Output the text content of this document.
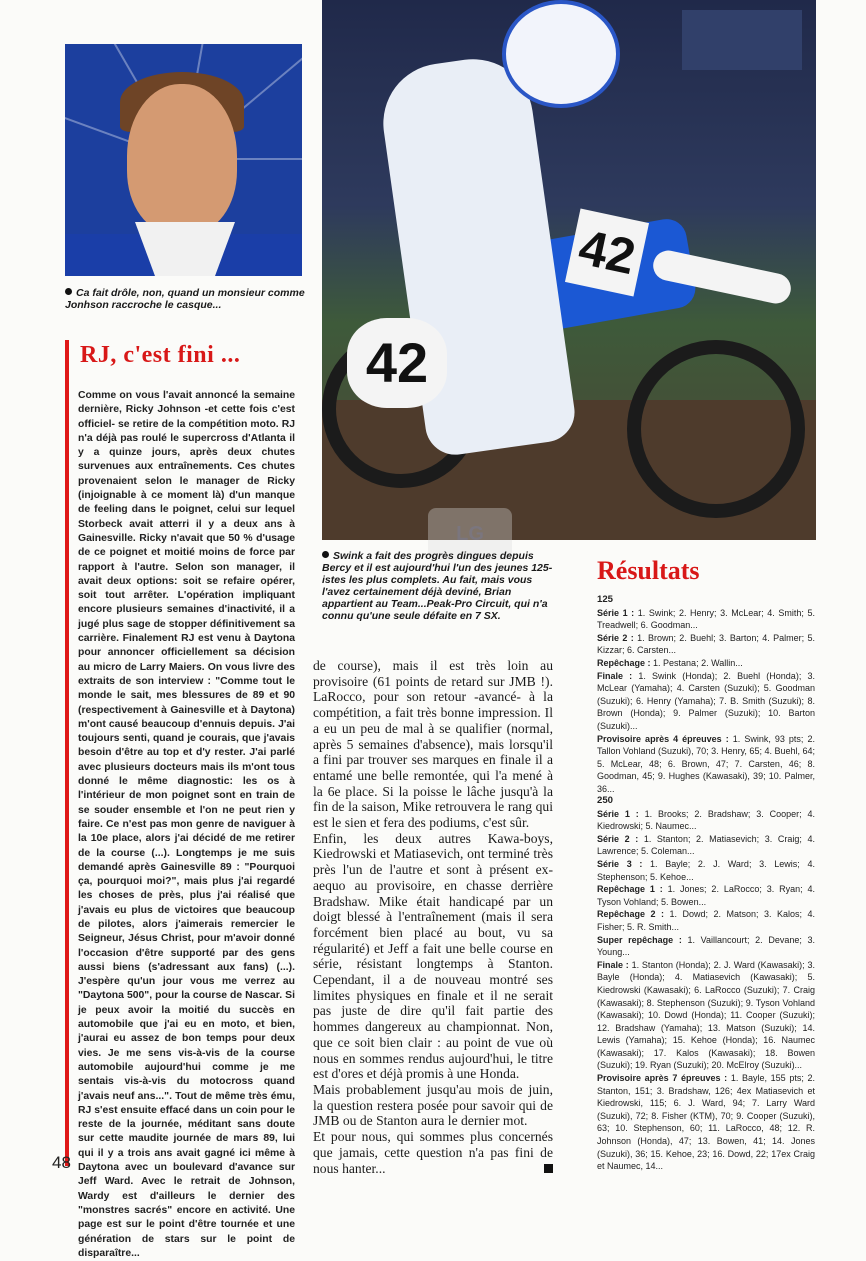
42
42
LG
Ca fait drôle, non, quand un monsieur comme Jonhson raccroche le casque...
Swink a fait des progrès dingues depuis Bercy et il est aujourd'hui l'un des jeunes 125-istes les plus complets. Au fait, mais vous l'avez certainement déjà deviné, Brian appartient au Team...Peak-Pro Circuit, qui n'a connu qu'une seule défaite en 7 SX.
RJ, c'est fini ...
Comme on vous l'avait annoncé la semaine dernière, Ricky Johnson -et cette fois c'est officiel- se retire de la compétition moto. RJ n'a déjà pas roulé le supercross d'Atlanta il y a quinze jours, après deux chutes survenues aux entraînements. Ces chutes provenaient selon le manager de Ricky (injoignable à ce moment là) d'un manque de feeling dans le poignet, celui sur lequel Storbeck avait atterri il y a deux ans à Gainesville. Ricky n'avait que 50 % d'usage de ce poignet et moitié moins de force par rapport à l'autre. Selon son manager, il avait deux options: soit se refaire opérer, soit tout arrêter. L'opération impliquant encore plusieurs semaines d'inactivité, il a jugé plus sage de stopper définitivement sa carrière. Finalement RJ est venu à Daytona pour annoncer officiellement sa décision au micro de Larry Maiers. On vous livre des extraits de son interview : "Comme tout le monde le sait, mes blessures de 89 et 90 (respectivement à Gainesville et à Daytona) m'ont causé beaucoup d'ennuis depuis. J'ai toujours senti, quand je courais, que j'avais besoin d'être au top et d'y rester. J'ai parlé avec plusieurs docteurs mais ils m'ont tous donné le même diagnostic: les os à l'intérieur de mon poignet sont en train de se souder ensemble et l'on ne peut rien y faire. Ce n'est pas mon genre de naviguer à la 10e place, alors j'ai décidé de me retirer de la course (...). Longtemps je me suis demandé après Gainesville 89 : "Pourquoi ça, pourquoi moi?", mais plus j'ai regardé les choses de près, plus j'ai réalisé que j'avais eu plus de victoires que beaucoup de pilotes, alors j'aimerais remercier le Seigneur, Jésus Christ, pour m'avoir donné l'occasion d'être supporté par des gens aussi biens (s'adressant aux fans) (...). J'espère qu'un jour vous me verrez au "Daytona 500", pour la course de Nascar. Si je peux avoir la moitié du succès en automobile que j'ai eu en moto, et bien, j'aurai eu assez de bon temps pour deux vies. Je me sens vis-à-vis de la course automobile aujourd'hui comme je me sentais vis-à-vis du motocross quand j'avais neuf ans...". Tout de même très ému, RJ s'est ensuite effacé dans un coin pour le reste de la journée, méditant sans doute sur cette maudite journée de mars 89, lui qui il y a trois ans avait gagné ici même à Daytona avec un boulevard d'avance sur Jeff Ward. Avec le retrait de Johnson, Wardy est d'ailleurs le dernier des "monstres sacrés" encore en activité. Une page est sur le point d'être tournée et une génération de stars sur le point de disparaître...
de course), mais il est très loin au provisoire (61 points de retard sur JMB !). LaRocco, pour son retour -avancé- à la compétition, a fait très bonne impression. Il a eu un peu de mal à se qualifier (normal, après 5 semaines d'absence), mais lorsqu'il a fini par trouver ses marques en finale il a entamé une belle remontée, qui l'a mené à la 6e place. Si la poisse le lâche jusqu'à la fin de la saison, Mike retrouvera le rang qui est le sien et fera des podiums, c'est sûr.
Enfin, les deux autres Kawa-boys, Kiedrowski et Matiasevich, ont terminé très près l'un de l'autre et sont à présent ex-aequo au provisoire, en chasse derrière Bradshaw. Mike était handicapé par un doigt blessé à l'entraînement (mais il sera forcément bien placé au bout, vu sa régularité) et Jeff a fait une belle course en série, résistant longtemps à Stanton. Cependant, il a de nouveau montré ses limites physiques en finale et il ne serait pas juste de dire qu'il fait partie des hommes dangereux au championnat. Non, que ce soit bien clair : au point de vue où nous en sommes rendus aujourd'hui, le titre est d'ores et déjà promis à une Honda.
Mais probablement jusqu'au mois de juin, la question restera posée pour savoir qui de JMB ou de Stanton aura le dernier mot.
Et pour nous, qui sommes plus concernés que jamais, cette question n'a pas fini de nous hanter...
Résultats

125

Série 1 : 1. Swink; 2. Henry; 3. McLear; 4. Smith; 5. Treadwell; 6. Goodman...

Série 2 : 1. Brown; 2. Buehl; 3. Barton; 4. Palmer; 5. Kizzar; 6. Carsten...

Repêchage : 1. Pestana; 2. Wallin...

Finale : 1. Swink (Honda); 2. Buehl (Honda); 3. McLear (Yamaha); 4. Carsten (Suzuki); 5. Goodman (Suzuki); 6. Henry (Yamaha); 7. B. Smith (Suzuki); 8. Brown (Honda); 9. Palmer (Suzuki); 10. Barton (Suzuki)...

Provisoire après 4 épreuves : 1. Swink, 93 pts; 2. Tallon Vohland (Suzuki), 70; 3. Henry, 65; 4. Buehl, 64; 5. McLear, 48; 6. Brown, 47; 7. Carsten, 46; 8. Goodman, 45; 9. Hughes (Kawasaki), 39; 10. Palmer, 36...

250

Série 1 : 1. Brooks; 2. Bradshaw; 3. Cooper; 4. Kiedrowski; 5. Naumec...

Série 2 : 1. Stanton; 2. Matiasevich; 3. Craig; 4. Lawrence; 5. Coleman...

Série 3 : 1. Bayle; 2. J. Ward; 3. Lewis; 4. Stephenson; 5. Kehoe...

Repêchage 1 : 1. Jones; 2. LaRocco; 3. Ryan; 4. Tyson Vohland; 5. Bowen...

Repêchage 2 : 1. Dowd; 2. Matson; 3. Kalos; 4. Fisher; 5. R. Smith...

Super repêchage : 1. Vaillancourt; 2. Devane; 3. Young...

Finale : 1. Stanton (Honda); 2. J. Ward (Kawasaki); 3. Bayle (Honda); 4. Matiasevich (Kawasaki); 5. Kiedrowski (Kawasaki); 6. LaRocco (Suzuki); 7. Craig (Kawasaki); 8. Stephenson (Suzuki); 9. Tyson Vohland (Kawasaki); 10. Dowd (Honda); 11. Cooper (Suzuki); 12. Bradshaw (Yamaha); 13. Matson (Suzuki); 14. Lewis (Yamaha); 15. Kehoe (Honda); 16. Naumec (Kawasaki); 17. Kalos (Kawasaki); 18. Bowen (Suzuki); 19. Ryan (Suzuki); 20. McElroy (Suzuki)...

Provisoire après 7 épreuves : 1. Bayle, 155 pts; 2. Stanton, 151; 3. Bradshaw, 126; 4ex Matiasevich et Kiedrowski, 115; 6. J. Ward, 94; 7. Larry Ward (Suzuki), 72; 8. Fisher (KTM), 70; 9. Cooper (Suzuki), 63; 10. Stephenson, 60; 11. LaRocco, 48; 12. R. Johnson (Honda), 47; 13. Bowen, 41; 14. Jones (Suzuki), 36; 15. Kehoe, 23; 16. Dowd, 22; 17ex Craig et Naumec, 14...

48
